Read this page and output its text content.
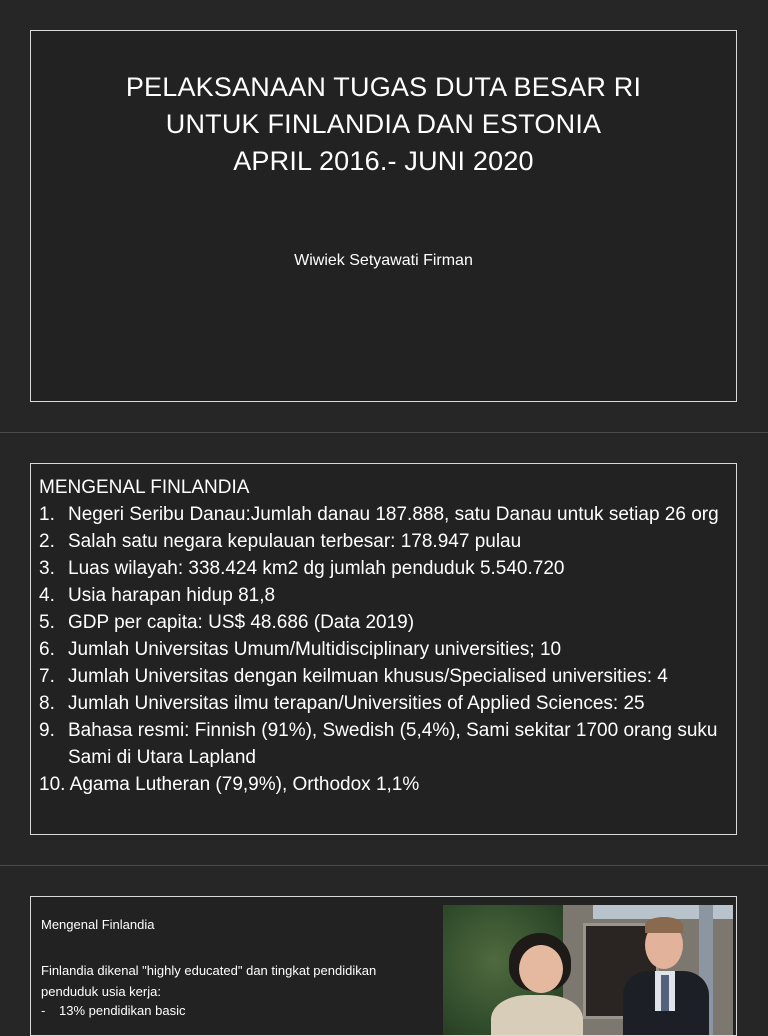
PELAKSANAAN TUGAS DUTA BESAR RI
UNTUK FINLANDIA DAN ESTONIA
APRIL 2016.- JUNI 2020
Wiwiek Setyawati Firman
MENGENAL FINLANDIA
1. Negeri Seribu Danau:Jumlah danau 187.888, satu Danau untuk setiap 26 org
2. Salah satu negara kepulauan terbesar: 178.947 pulau
3. Luas wilayah: 338.424 km2 dg jumlah penduduk 5.540.720
4. Usia harapan hidup 81,8
5. GDP per capita: US$ 48.686 (Data 2019)
6. Jumlah Universitas Umum/Multidisciplinary universities; 10
7. Jumlah Universitas dengan keilmuan khusus/Specialised universities: 4
8. Jumlah Universitas ilmu terapan/Universities of Applied Sciences: 25
9. Bahasa resmi: Finnish (91%), Swedish (5,4%), Sami sekitar 1700 orang suku Sami di Utara Lapland
10. Agama Lutheran (79,9%), Orthodox 1,1%
Mengenal Finlandia
Finlandia dikenal "highly educated" dan tingkat pendidikan penduduk usia kerja:
- 13% pendidikan basic
